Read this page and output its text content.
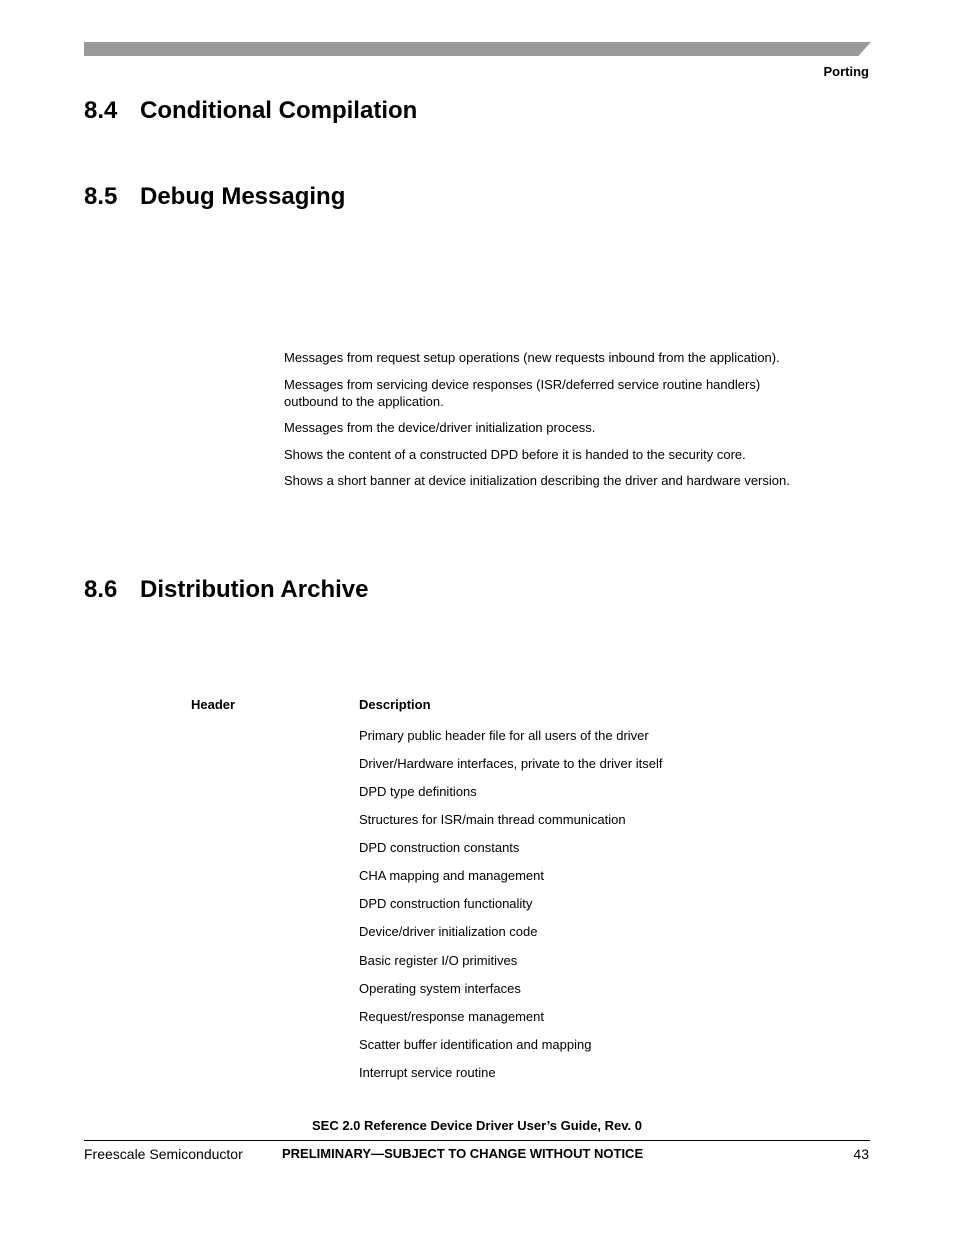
Porting
8.4 Conditional Compilation
8.5 Debug Messaging
Messages from request setup operations (new requests inbound from the application).
Messages from servicing device responses (ISR/deferred service routine handlers) outbound to the application.
Messages from the device/driver initialization process.
Shows the content of a constructed DPD before it is handed to the security core.
Shows a short banner at device initialization describing the driver and hardware version.
8.6 Distribution Archive
Header	Description
Primary public header file for all users of the driver
Driver/Hardware interfaces, private to the driver itself
DPD type definitions
Structures for ISR/main thread communication
DPD construction constants
CHA mapping and management
DPD construction functionality
Device/driver initialization code
Basic register I/O primitives
Operating system interfaces
Request/response management
Scatter buffer identification and mapping
Interrupt service routine
SEC 2.0 Reference Device Driver User’s Guide, Rev. 0
Freescale Semiconductor	PRELIMINARY—SUBJECT TO CHANGE WITHOUT NOTICE	43
